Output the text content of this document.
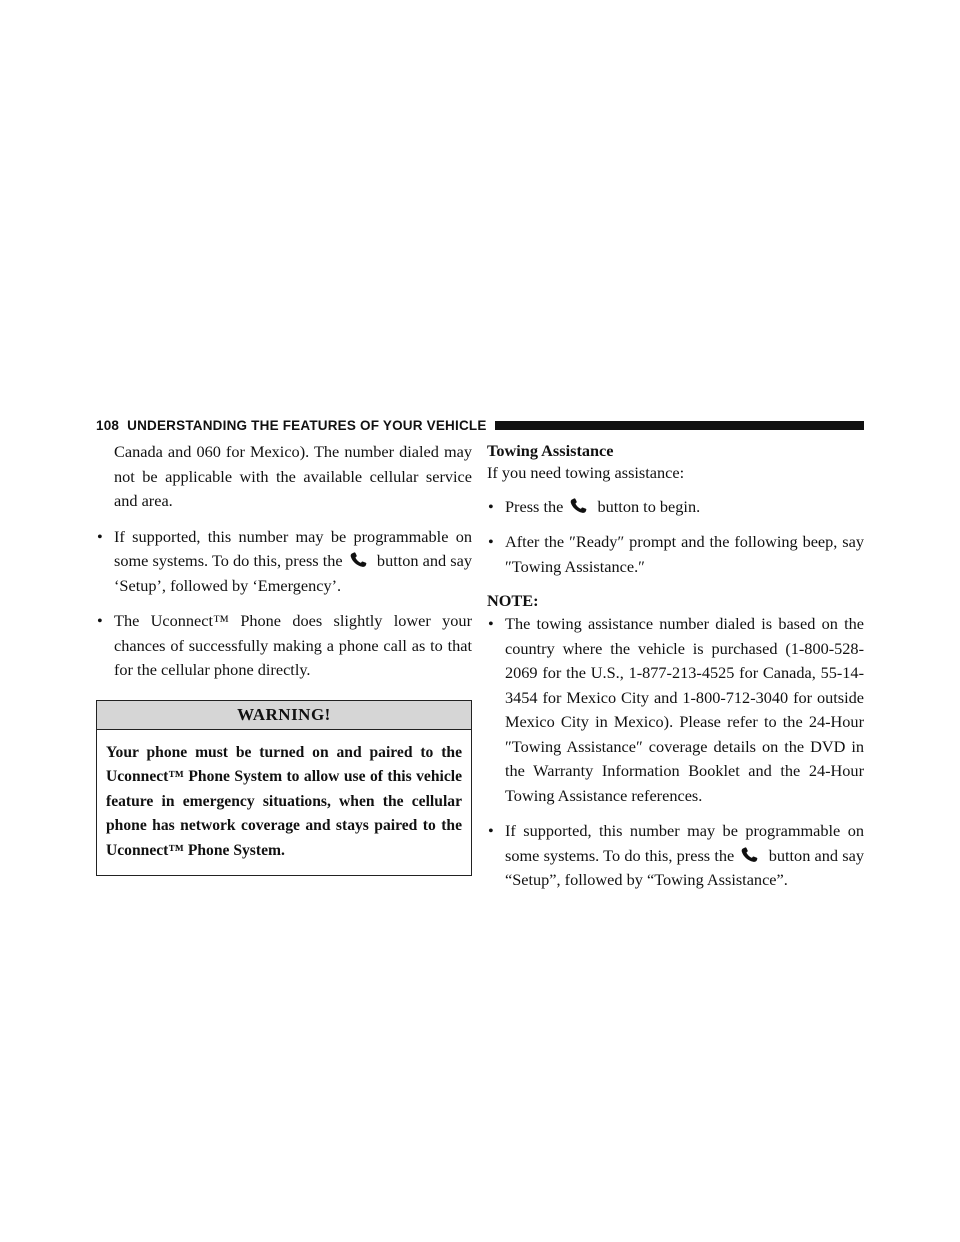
108 UNDERSTANDING THE FEATURES OF YOUR VEHICLE

Canada and 060 for Mexico). The number dialed may not be applicable with the available cellular service and area.

• If supported, this number may be programmable on some systems. To do this, press the button and say ‘Setup’, followed by ‘Emergency’.
• The Uconnect™ Phone does slightly lower your chances of successfully making a phone call as to that for the cellular phone directly.
WARNING!
Your phone must be turned on and paired to the Uconnect™ Phone System to allow use of this vehicle feature in emergency situations, when the cellular phone has network coverage and stays paired to the Uconnect™ Phone System.
Towing Assistance

If you need towing assistance:

• Press the button to begin.
• After the ″Ready″ prompt and the following beep, say ″Towing Assistance.″
NOTE:
• The towing assistance number dialed is based on the country where the vehicle is purchased (1-800-528-2069 for the U.S., 1-877-213-4525 for Canada, 55-14-3454 for Mexico City and 1-800-712-3040 for outside Mexico City in Mexico). Please refer to the 24-Hour ″Towing Assistance″ coverage details on the DVD in the Warranty Information Booklet and the 24-Hour Towing Assistance references.
• If supported, this number may be programmable on some systems. To do this, press the button and say “Setup”, followed by “Towing Assistance”.
